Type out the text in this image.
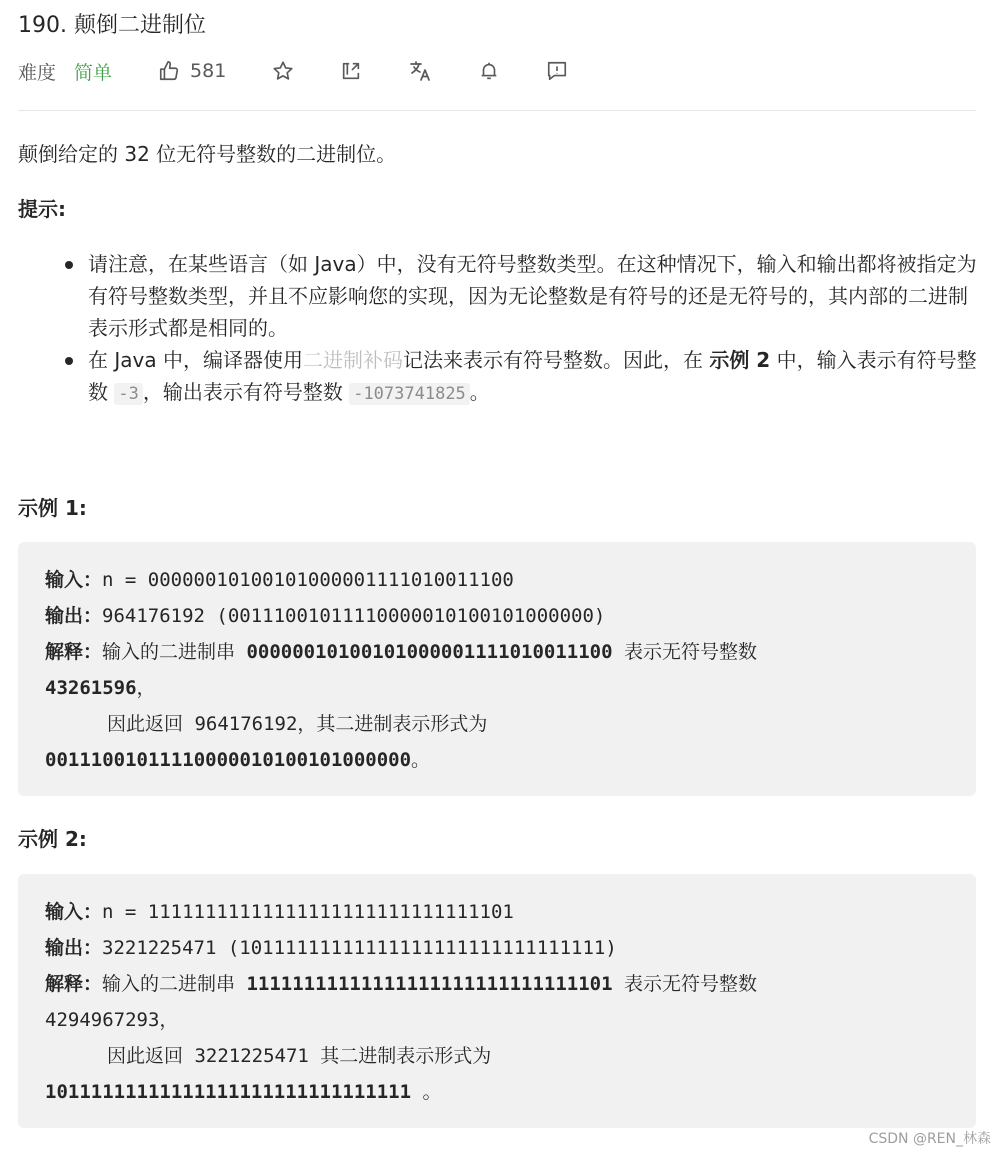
190. 颠倒二进制位
难度 简单	581
颠倒给定的 32 位无符号整数的二进制位。
提示:
请注意，在某些语言（如 Java）中，没有无符号整数类型。在这种情况下，输入和输出都将被指定为有符号整数类型，并且不应影响您的实现，因为无论整数是有符号的还是无符号的，其内部的二进制表示形式都是相同的。
在 Java 中，编译器使用二进制补码记法来表示有符号整数。因此，在 示例 2 中，输入表示有符号整数 -3 ，输出表示有符号整数 -1073741825 。
示例 1:
输入：n = 00000010100101000001111010011100
输出：964176192 (00111001011110000010100101000000)
解释：输入的二进制串 00000010100101000001111010011100 表示无符号整数
43261596，
因此返回 964176192，其二进制表示形式为
00111001011110000010100101000000。
示例 2:
输入：n = 11111111111111111111111111111101
输出：3221225471 (10111111111111111111111111111111)
解释：输入的二进制串 11111111111111111111111111111101 表示无符号整数
4294967293，
因此返回 3221225471 其二进制表示形式为
10111111111111111111111111111111 。
CSDN @REN_林森
